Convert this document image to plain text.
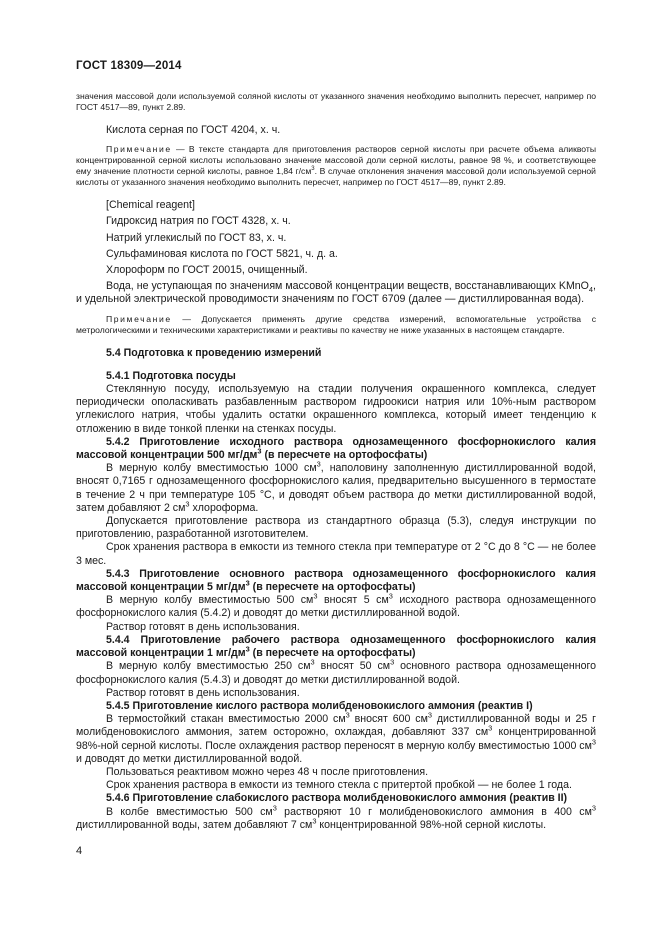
ГОСТ 18309—2014

значения массовой доли используемой соляной кислоты от указанного значения необходимо выполнить пересчет, например по ГОСТ 4517—89, пункт 2.89.

Кислота серная по ГОСТ 4204, х. ч.

Примечание — В тексте стандарта для приготовления растворов серной кислоты при расчете объема аликвоты концентрированной серной кислоты использовано значение массовой доли серной кислоты, равное 98 %, и соответствующее ему значение плотности серной кислоты, равное 1,84 $г/см^3$. В случае отклонения значения массовой доли используемой серной кислоты от указанного значения необходимо выполнить пересчет, например по ГОСТ 4517—89, пункт 2.89.

[Chemical reagent]

Гидроксид натрия по ГОСТ 4328, х. ч.

Натрий углекислый по ГОСТ 83, х. ч.

Сульфаминовая кислота по ГОСТ 5821, ч. д. а.

Хлороформ по ГОСТ 20015, очищенный.

Вода, не уступающая по значениям массовой концентрации веществ, восстанавливающих KMnO$_4$, и удельной электрической проводимости значениям по ГОСТ 6709 (далее — дистиллированная вода).

Примечание — Допускается применять другие средства измерений, вспомогательные устройства с метрологическими и техническими характеристиками и реактивы по качеству не ниже указанных в настоящем стандарте.

5.4 Подготовка к проведению измерений

5.4.1 Подготовка посуды

Стеклянную посуду, используемую на стадии получения окрашенного комплекса, следует периодически ополаскивать разбавленным раствором гидроокиси натрия или 10%-ным раствором углекислого натрия, чтобы удалить остатки окрашенного комплекса, который имеет тенденцию к отложению в виде тонкой пленки на стенках посуды.

5.4.2 Приготовление исходного раствора однозамещенного фосфорнокислого калия массовой концентрации 500 $мг/дм^3$ (в пересчете на ортофосфаты)

В мерную колбу вместимостью 1000 $см^3$, наполовину заполненную дистиллированной водой, вносят 0,7165 г однозамещенного фосфорнокислого калия, предварительно высушенного в термостате в течение 2 ч при температуре 105 °С, и доводят объем раствора до метки дистиллированной водой, затем добавляют 2 $см^3$ хлороформа.

Допускается приготовление раствора из стандартного образца (5.3), следуя инструкции по приготовлению, разработанной изготовителем.

Срок хранения раствора в емкости из темного стекла при температуре от 2 °С до 8 °С — не более 3 мес.

5.4.3 Приготовление основного раствора однозамещенного фосфорнокислого калия массовой концентрации 5 $мг/дм^3$ (в пересчете на ортофосфаты)

В мерную колбу вместимостью 500 $см^3$ вносят 5 $см^3$ исходного раствора однозамещенного фосфорнокислого калия (5.4.2) и доводят до метки дистиллированной водой.

Раствор готовят в день использования.

5.4.4 Приготовление рабочего раствора однозамещенного фосфорнокислого калия массовой концентрации 1 $мг/дм^3$ (в пересчете на ортофосфаты)

В мерную колбу вместимостью 250 $см^3$ вносят 50 $см^3$ основного раствора однозамещенного фосфорнокислого калия (5.4.3) и доводят до метки дистиллированной водой.

Раствор готовят в день использования.

5.4.5 Приготовление кислого раствора молибденовокислого аммония (реактив I)

В термостойкий стакан вместимостью 2000 $см^3$ вносят 600 $см^3$ дистиллированной воды и 25 г молибденовокислого аммония, затем осторожно, охлаждая, добавляют 337 $см^3$ концентрированной 98%-ной серной кислоты. После охлаждения раствор переносят в мерную колбу вместимостью 1000 $см^3$ и доводят до метки дистиллированной водой.

Пользоваться реактивом можно через 48 ч после приготовления.

Срок хранения раствора в емкости из темного стекла с притертой пробкой — не более 1 года.

5.4.6 Приготовление слабокислого раствора молибденовокислого аммония (реактив II)

В колбе вместимостью 500 $см^3$ растворяют 10 г молибденовокислого аммония в 400 $см^3$ дистиллированной воды, затем добавляют 7 $см^3$ концентрированной 98%-ной серной кислоты.

4
